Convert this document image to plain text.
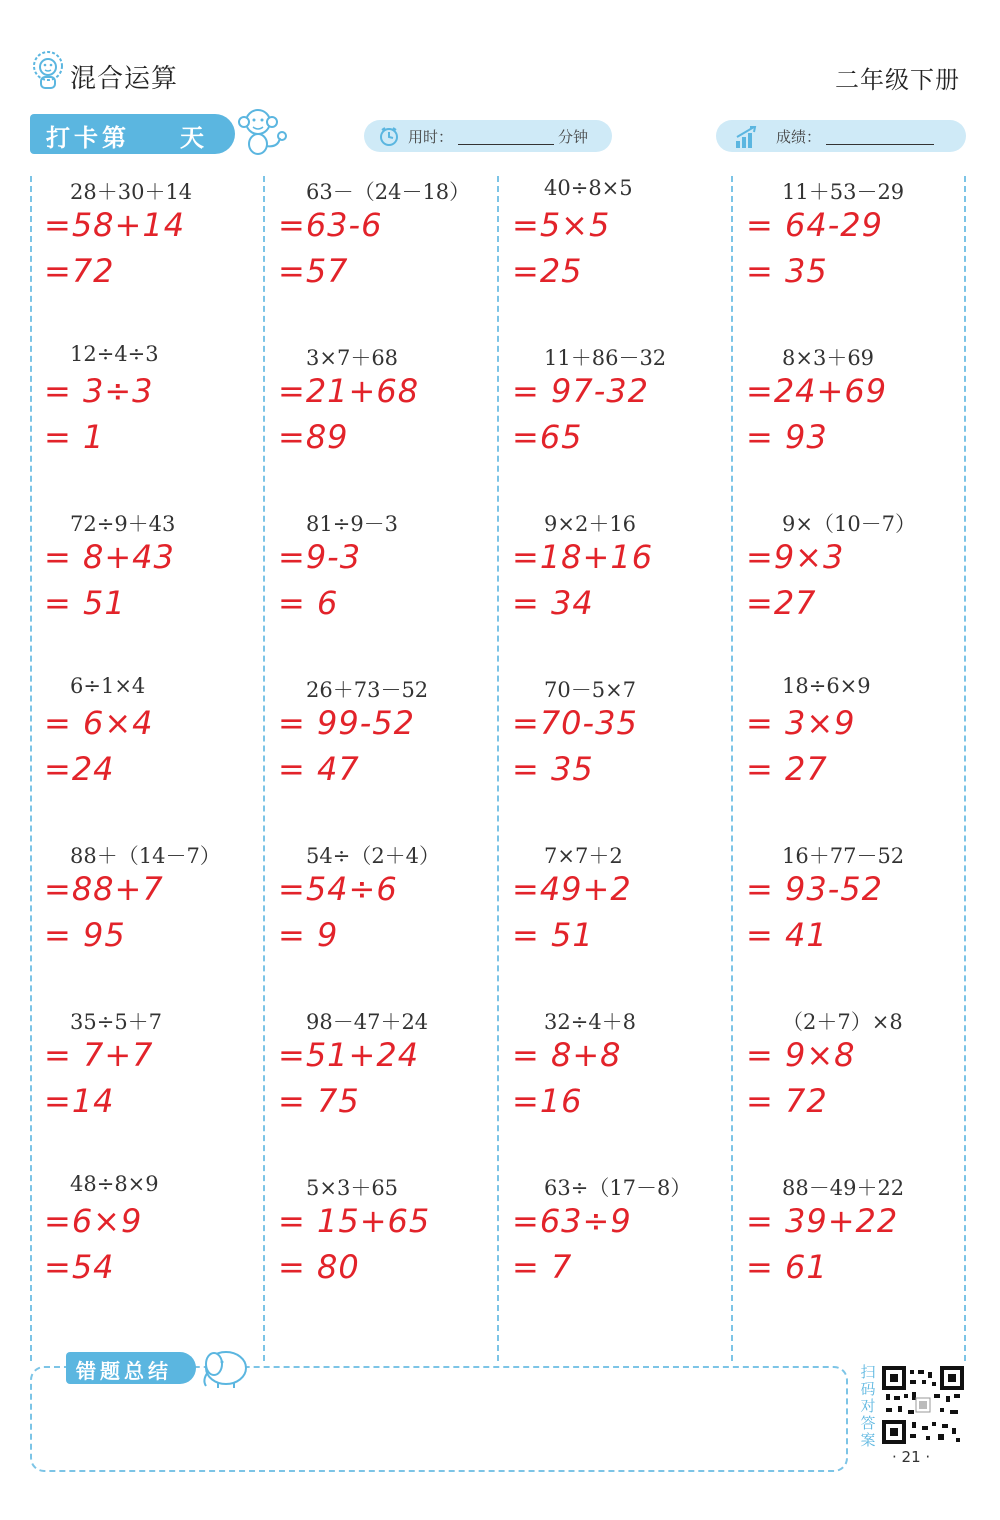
混合运算	二年级下册
打卡第 天	用时：	分钟	成绩：
28＋30＋14
=58+14
=72
63－（24－18）
=63-6
=57
40÷8×5
=5×5
=25
11＋53－29
= 64-29
= 35
12÷4÷3
= 3÷3
= 1
3×7＋68
=21+68
=89
11＋86－32
= 97-32
=65
8×3＋69
=24+69
= 93
72÷9＋43
= 8+43
= 51
81÷9－3
=9-3
= 6
9×2＋16
=18+16
= 34
9×（10－7）
=9×3
=27
6÷1×4
= 6×4
=24
26＋73－52
= 99-52
= 47
70－5×7
=70-35
= 35
18÷6×9
= 3×9
= 27
88＋（14－7）
=88+7
= 95
54÷（2＋4）
=54÷6
= 9
7×7＋2
=49+2
= 51
16＋77－52
= 93-52
= 41
35÷5＋7
= 7+7
=14
98－47＋24
=51+24
= 75
32÷4＋8
= 8+8
=16
（2＋7）×8
= 9×8
= 72
48÷8×9
=6×9
=54
5×3＋65
= 15+65
= 80
63÷（17－8）
=63÷9
= 7
88－49＋22
= 39+22
= 61
错题总结	扫码对答案
· 21 ·
